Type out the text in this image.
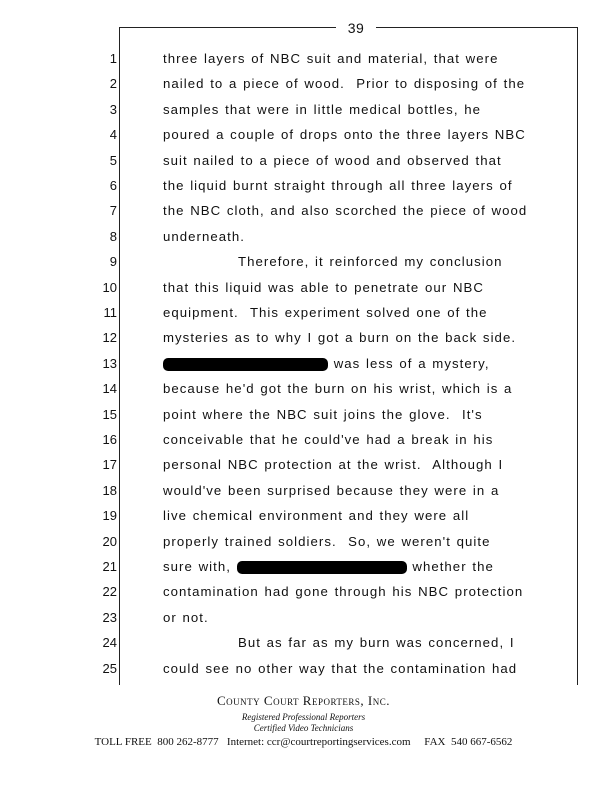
39
1	three layers of NBC suit and material, that were
2	nailed to a piece of wood.  Prior to disposing of the
3	samples that were in little medical bottles, he
4	poured a couple of drops onto the three layers NBC
5	suit nailed to a piece of wood and observed that
6	the liquid burnt straight through all three layers of
7	the NBC cloth, and also scorched the piece of wood
8	underneath.
9	Therefore, it reinforced my conclusion
10	that this liquid was able to penetrate our NBC
11	equipment.  This experiment solved one of the
12	mysteries as to why I got a burn on the back side.
13	was less of a mystery,
14	because he'd got the burn on his wrist, which is a
15	point where the NBC suit joins the glove.  It's
16	conceivable that he could've had a break in his
17	personal NBC protection at the wrist.  Although I
18	would've been surprised because they were in a
19	live chemical environment and they were all
20	properly trained soldiers.  So, we weren't quite
21	sure with,	whether the
22	contamination had gone through his NBC protection
23	or not.
24	But as far as my burn was concerned, I
25	could see no other way that the contamination had
County Court Reporters, Inc.
Registered Professional Reporters
Certified Video Technicians
TOLL FREE  800 262-8777   Internet: ccr@courtreportingservices.com     FAX  540 667-6562
